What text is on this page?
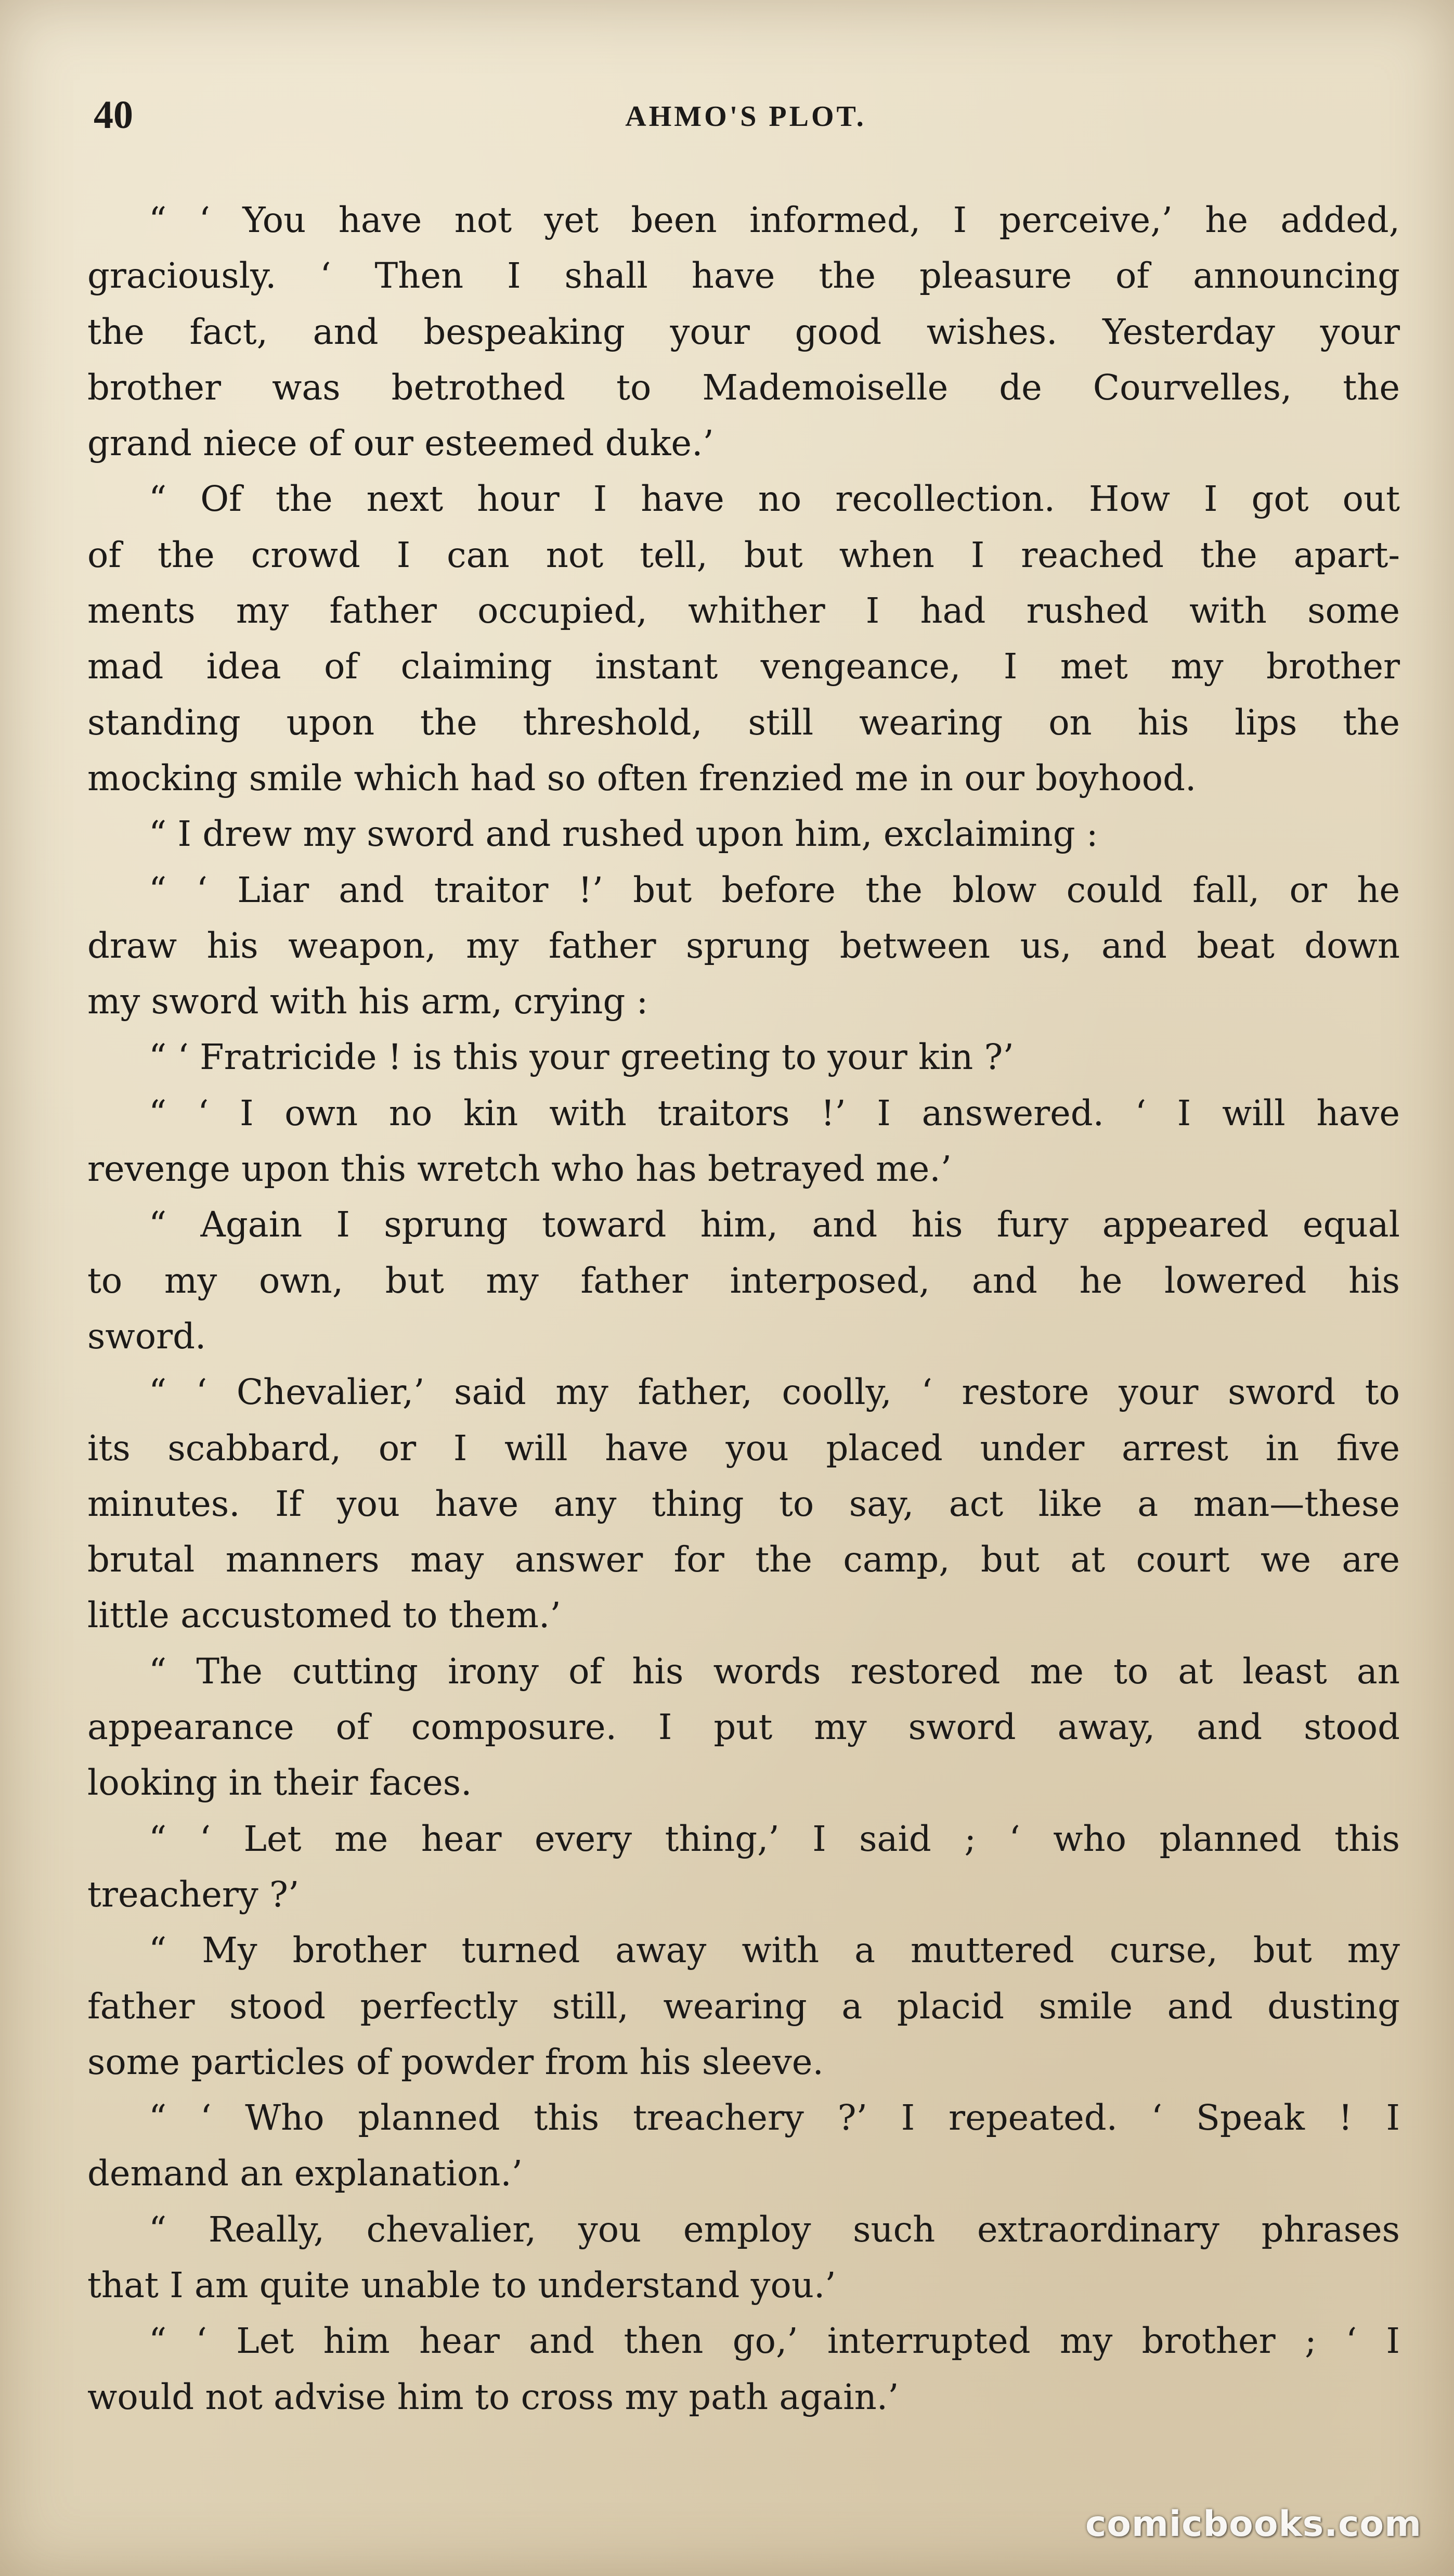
40	AHMO'S PLOT.
“ ‘ You have not yet been informed, I perceive,’ he added,
graciously. ‘ Then I shall have the pleasure of announcing
the fact, and bespeaking your good wishes. Yesterday your
brother was betrothed to Mademoiselle de Courvelles, the
grand niece of our esteemed duke.’
“ Of the next hour I have no recollection. How I got out
of the crowd I can not tell, but when I reached the apart-
ments my father occupied, whither I had rushed with some
mad idea of claiming instant vengeance, I met my brother
standing upon the threshold, still wearing on his lips the
mocking smile which had so often frenzied me in our boyhood.
“ I drew my sword and rushed upon him, exclaiming :
“ ‘ Liar and traitor !’ but before the blow could fall, or he
draw his weapon, my father sprung between us, and beat down
my sword with his arm, crying :
“ ‘ Fratricide ! is this your greeting to your kin ?’
“ ‘ I own no kin with traitors !’ I answered. ‘ I will have
revenge upon this wretch who has betrayed me.’
“ Again I sprung toward him, and his fury appeared equal
to my own, but my father interposed, and he lowered his
sword.
“ ‘ Chevalier,’ said my father, coolly, ‘ restore your sword to
its scabbard, or I will have you placed under arrest in five
minutes. If you have any thing to say, act like a man—these
brutal manners may answer for the camp, but at court we are
little accustomed to them.’
“ The cutting irony of his words restored me to at least an
appearance of composure. I put my sword away, and stood
looking in their faces.
“ ‘ Let me hear every thing,’ I said ; ‘ who planned this
treachery ?’
“ My brother turned away with a muttered curse, but my
father stood perfectly still, wearing a placid smile and dusting
some particles of powder from his sleeve.
“ ‘ Who planned this treachery ?’ I repeated. ‘ Speak ! I
demand an explanation.’
“ Really, chevalier, you employ such extraordinary phrases
that I am quite unable to understand you.’
“ ‘ Let him hear and then go,’ interrupted my brother ; ‘ I
would not advise him to cross my path again.’
comicbooks.com
